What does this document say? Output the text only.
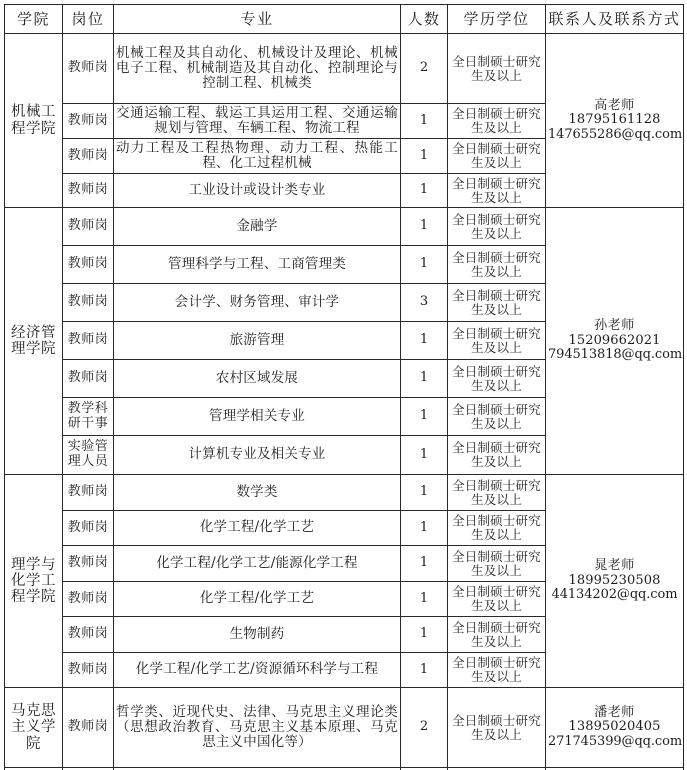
学院	岗位	专业	人数	学历学位	联系人及联系方式
机械工程学院	教师岗	机械工程及其自动化、机械设计及理论、机械电子工程、机械制造及其自动化、控制理论与控制工程、机械类	2	全日制硕士研究生及以上	高老师
18795161128
147655286@qq.com

	教师岗	交通运输工程、载运工具运用工程、交通运输规划与管理、车辆工程、物流工程	1	全日制硕士研究生及以上	
	教师岗	动力工程及工程热物理、动力工程、热能工程、化工过程机械	1	全日制硕士研究生及以上	
	教师岗	工业设计或设计类专业	1	全日制硕士研究生及以上	
经济管理学院	教师岗	金融学	1	全日制硕士研究生及以上	孙老师
15209662021
794513818@qq.com

	教师岗	管理科学与工程、工商管理类	1	全日制硕士研究生及以上	
	教师岗	会计学、财务管理、审计学	3	全日制硕士研究生及以上	
	教师岗	旅游管理	1	全日制硕士研究生及以上	
	教师岗	农村区域发展	1	全日制硕士研究生及以上	
	教学科研干事	管理学相关专业	1	全日制硕士研究生及以上	
	实验管理人员	计算机专业及相关专业	1	全日制硕士研究生及以上	
理学与化学工程学院	教师岗	数学类	1	全日制硕士研究生及以上	晁老师
18995230508
44134202@qq.com

	教师岗	化学工程/化学工艺	1	全日制硕士研究生及以上	
	教师岗	化学工程/化学工艺/能源化学工程	1	全日制硕士研究生及以上	
	教师岗	化学工程/化学工艺	1	全日制硕士研究生及以上	
	教师岗	生物制药	1	全日制硕士研究生及以上	
	教师岗	化学工程/化学工艺/资源循环科学与工程	1	全日制硕士研究生及以上	
马克思主义学院	教师岗	哲学类、近现代史、法律、马克思主义理论类（思想政治教育、马克思主义基本原理、马克思主义中国化等）	2	全日制硕士研究生及以上	潘老师
13895020405
271745399@qq.com
